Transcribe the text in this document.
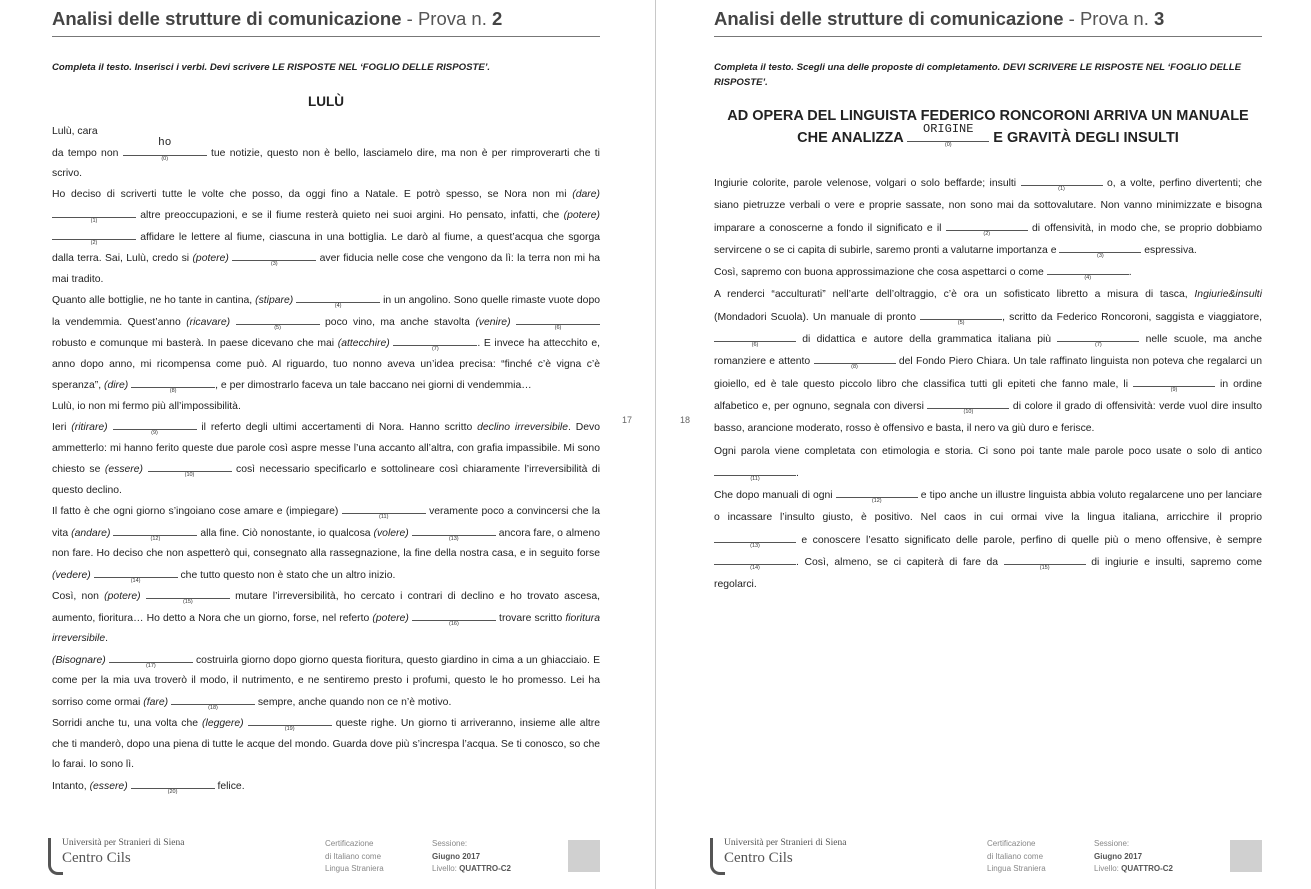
Analisi delle strutture di comunicazione - Prova n. 2
Completa il testo. Inserisci i verbi. Devi scrivere LE RISPOSTE NEL ‘FOGLIO DELLE RISPOSTE’.
LULÙ

Lulù, cara

da tempo non
ho
(0)	tue notizie, questo non è bello, lasciamelo dire, ma non è per rimproverarti che ti scrivo.

Ho deciso di scriverti tutte le volte che posso, da oggi fino a Natale. E potrò spesso, se Nora non mi (dare)
(1)	altre preoccupazioni, e se il fiume resterà quieto nei suoi argini. Ho pensato, infatti, che (potere)
(2)	affidare le lettere al fiume, ciascuna in una bottiglia. Le darò al fiume, a quest’acqua che sgorga dalla terra. Sai, Lulù, credo si (potere)	(3)	aver fiducia nelle cose che vengono da lì: la terra non mi ha mai tradito.

Quanto alle bottiglie, ne ho tante in cantina, (stipare)	(4)	in un angolino. Sono quelle rimaste vuote dopo la vendemmia. Quest’anno (ricavare)	(5)	poco vino, ma anche stavolta (venire)	(6)
robusto e comunque mi basterà. In paese dicevano che mai (attecchire)	(7)	. E invece ha attecchito e, anno dopo anno, mi ricompensa come può. Al riguardo, tuo nonno aveva un’idea precisa: “finché c’è vigna c’è speranza”, (dire)	(8)	, e per dimostrarlo faceva un tale baccano nei giorni di vendemmia…

Lulù, io non mi fermo più all’impossibilità.

Ieri (ritirare)	(9)	il referto degli ultimi accertamenti di Nora. Hanno scritto declino irreversibile. Devo ammetterlo: mi hanno ferito queste due parole così aspre messe l’una accanto all’altra, con grafia impassibile. Mi sono chiesto se (essere)	(10)	così necessario specificarlo e sottolineare così chiaramente l’irreversibilità di questo declino.

Il fatto è che ogni giorno s’ingoiano cose amare e (impiegare)	(11)	veramente poco a convincersi che la vita (andare)	(12)	alla fine. Ciò nonostante, io qualcosa (volere)	(13)	ancora fare, o almeno non fare. Ho deciso che non aspetterò qui, consegnato alla rassegnazione, la fine della nostra casa, e in seguito forse (vedere)	(14)	che tutto questo non è stato che un altro inizio.

Così, non (potere)	(15)	mutare l’irreversibilità, ho cercato i contrari di declino e ho trovato ascesa, aumento, fioritura… Ho detto a Nora che un giorno, forse, nel referto (potere)	(16)	trovare scritto fioritura irreversibile.

(Bisognare)	(17)	costruirla giorno dopo giorno questa fioritura, questo giardino in cima a un ghiacciaio. E come per la mia uva troverò il modo, il nutrimento, e ne sentiremo presto i profumi, questo le ho promesso. Lei ha sorriso come ormai (fare)	(18)	sempre, anche quando non ce n’è motivo.

Sorridi anche tu, una volta che (leggere)	(19)	queste righe. Un giorno ti arriveranno, insieme alle altre che ti manderò, dopo una piena di tutte le acque del mondo. Guarda dove più s’increspa l’acqua. Se ti conosco, so che lo farai. Io sono lì.

Intanto, (essere)	(20)	felice.

17
Università per Stranieri di Siena
Centro Cils
Certificazione
di Italiano come
Lingua Straniera
Sessione:
Giugno 2017
Livello: QUATTRO-C2
Analisi delle strutture di comunicazione - Prova n. 3
Completa il testo. Scegli una delle proposte di completamento. DEVI SCRIVERE LE RISPOSTE NEL ‘FOGLIO DELLE RISPOSTE’.
AD OPERA DEL LINGUISTA FEDERICO RONCORONI ARRIVA UN MANUALE
CHE ANALIZZA
ORIGINE
(0)	E GRAVITÀ DEGLI INSULTI

Ingiurie colorite, parole velenose, volgari o solo beffarde; insulti	(1)	o, a volte, perfino divertenti; che siano pietruzze verbali o vere e proprie sassate, non sono mai da sottovalutare. Non vanno minimizzate e bisogna imparare a conoscerne a fondo il significato e il	(2)	di offensività, in modo che, se proprio dobbiamo servircene o se ci capita di subirle, saremo pronti a valutarne importanza e	(3)	espressiva.

Così, sapremo con buona approssimazione che cosa aspettarci o come	(4)	.

A renderci “acculturati” nell’arte dell’oltraggio, c’è ora un sofisticato libretto a misura di tasca, Ingiurie&insulti (Mondadori Scuola). Un manuale di pronto	(5)	, scritto da Federico Roncoroni, saggista e viaggiatore,
(6)	di didattica e autore della grammatica italiana più	(7)	nelle scuole, ma anche romanziere e attento	(8)	del Fondo Piero Chiara. Un tale raffinato linguista non poteva che regalarci un gioiello, ed è tale questo piccolo libro che classifica tutti gli epiteti che fanno male, li	(9)	in ordine alfabetico e, per ognuno, segnala con diversi	(10)	di colore il grado di offensività: verde vuol dire insulto basso, arancione moderato, rosso è offensivo e basta, il nero va giù duro e ferisce.

Ogni parola viene completata con etimologia e storia. Ci sono poi tante male parole poco usate o solo di antico
(11)	.

Che dopo manuali di ogni	(12)	e tipo anche un illustre linguista abbia voluto regalarcene uno per lanciare o incassare l’insulto giusto, è positivo. Nel caos in cui ormai vive la lingua italiana, arricchire il proprio
(13)	e conoscere l’esatto significato delle parole, perfino di quelle più o meno offensive, è sempre
(14)	. Così, almeno, se ci capiterà di fare da	(15)	di ingiurie e insulti, sapremo come regolarci.

18
Università per Stranieri di Siena
Centro Cils
Certificazione
di Italiano come
Lingua Straniera
Sessione:
Giugno 2017
Livello: QUATTRO-C2
